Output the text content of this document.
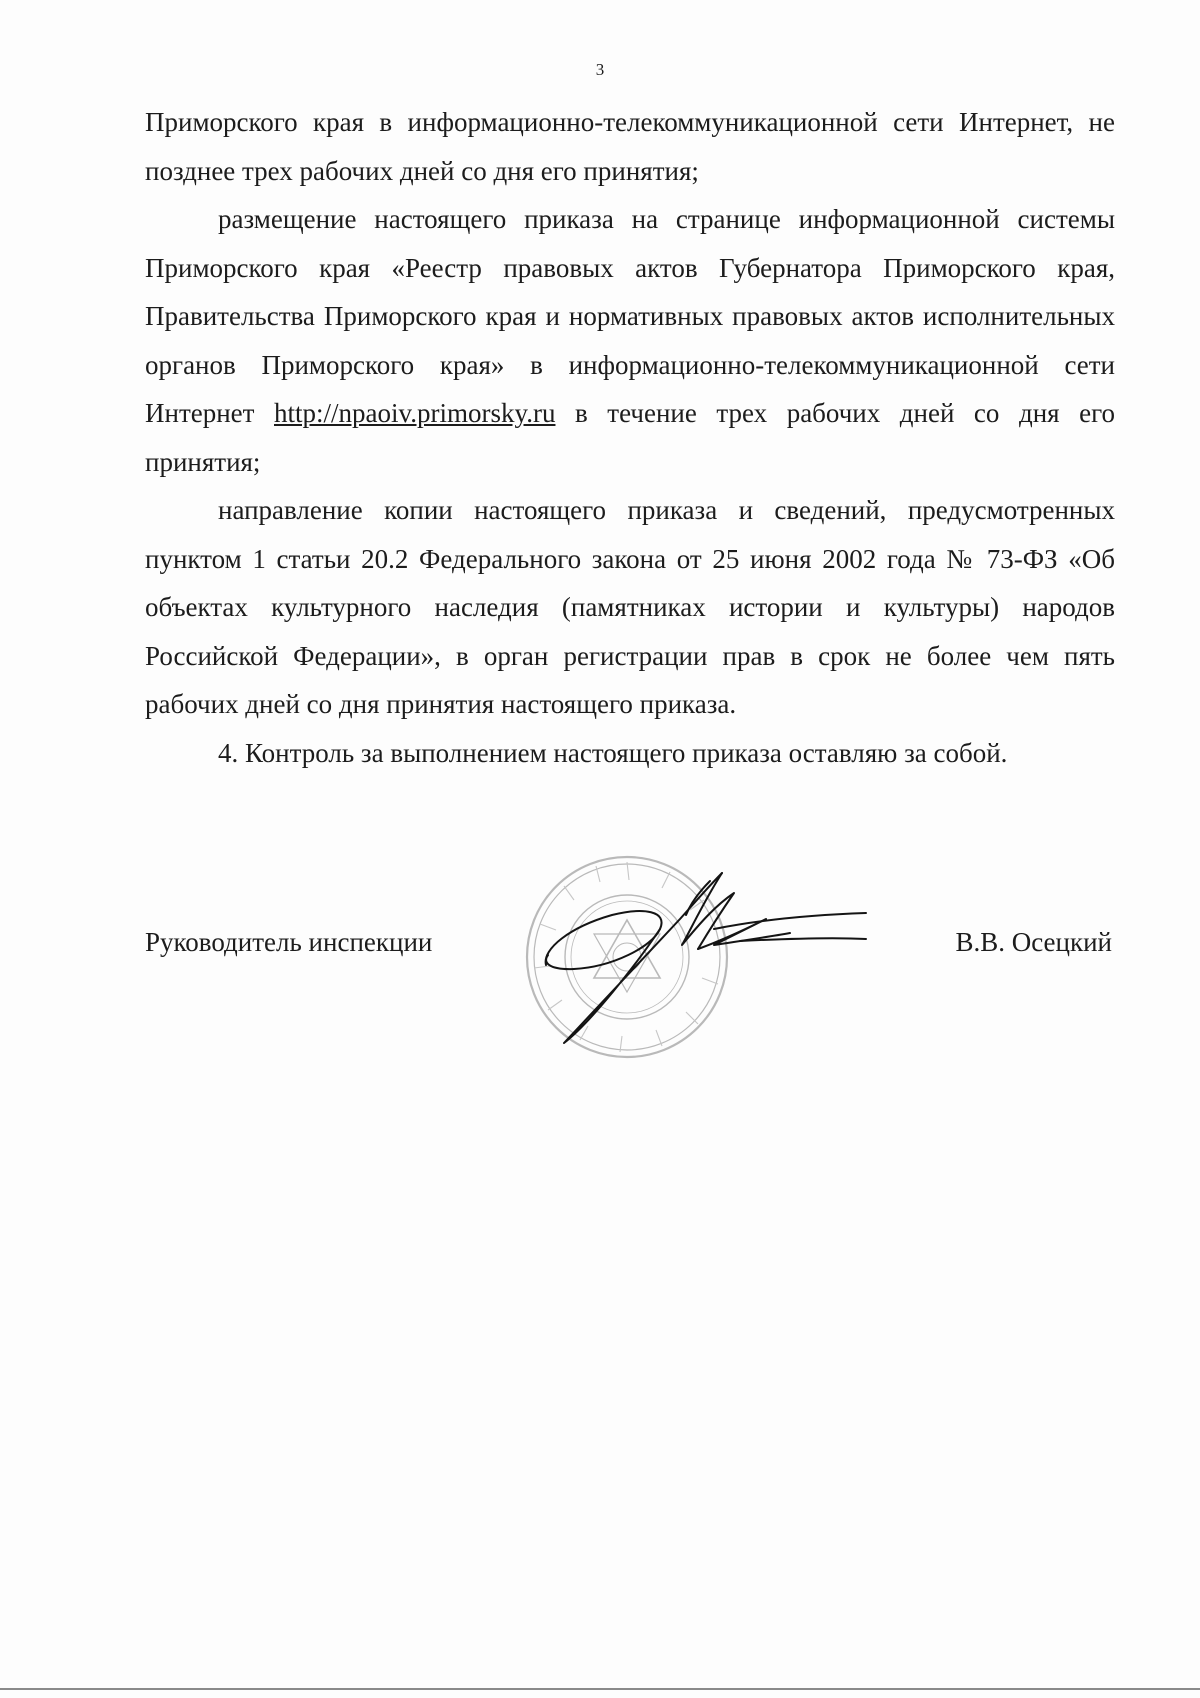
3

Приморского края в информационно-телекоммуникационной сети Интернет, не позднее трех рабочих дней со дня его принятия;

размещение настоящего приказа на странице информационной системы Приморского края «Реестр правовых актов Губернатора Приморского края, Правительства Приморского края и нормативных правовых актов исполнительных органов Приморского края» в информационно-телекоммуникационной сети Интернет http://npaoiv.primorsky.ru в течение трех рабочих дней со дня его принятия;

направление копии настоящего приказа и сведений, предусмотренных пунктом 1 статьи 20.2 Федерального закона от 25 июня 2002 года № 73-ФЗ «Об объектах культурного наследия (памятниках истории и культуры) народов Российской Федерации», в орган регистрации прав в срок не более чем пять рабочих дней со дня принятия настоящего приказа.

4. Контроль за выполнением настоящего приказа оставляю за собой.

Руководитель инспекции	В.В. Осецкий
